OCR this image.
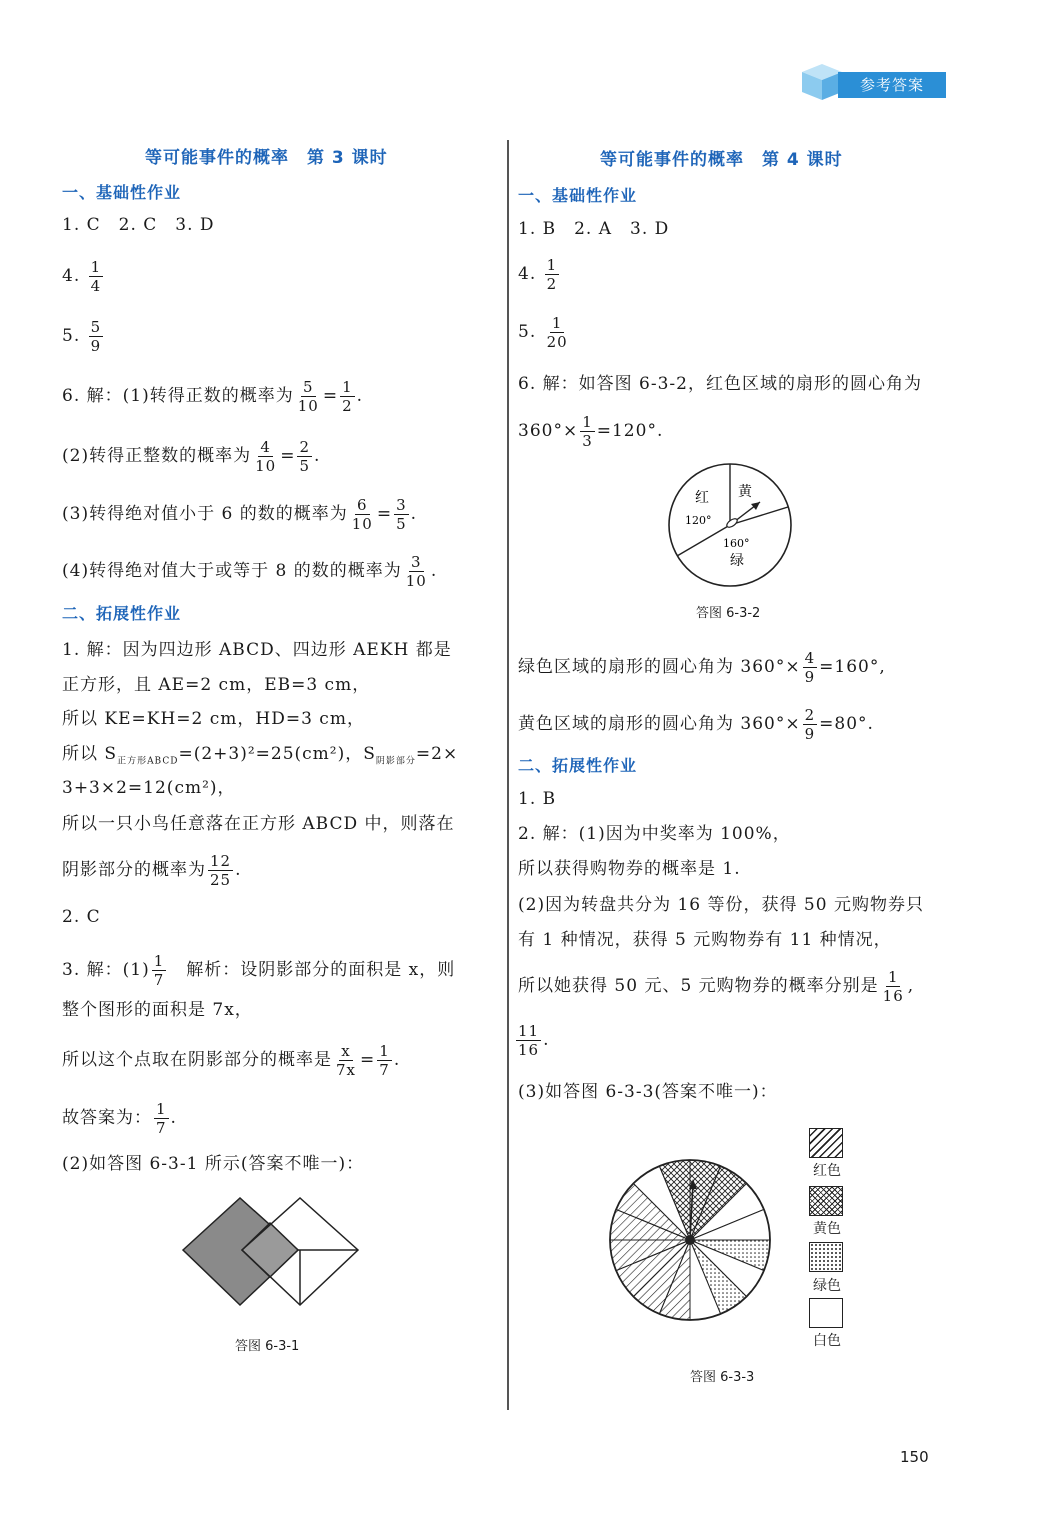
参考答案
等可能事件的概率　第 3 课时
一、基础性作业
1. C　2. C　3. D
4. $\frac{1}{4}$
5. $\frac{5}{9}$
6. 解：(1)转得正数的概率为 $\frac{5}{10} = \frac{1}{2}$ .
(2)转得正整数的概率为 $\frac{4}{10} = \frac{2}{5}$ .
(3)转得绝对值小于 6 的数的概率为 $\frac{6}{10} = \frac{3}{5}$ .
(4)转得绝对值大于或等于 8 的数的概率为 $\frac{3}{10}$ .
二、拓展性作业
1. 解：因为四边形 ABCD、四边形 AEKH 都是
正方形，且 AE=2 cm，EB=3 cm，
所以 KE=KH=2 cm，HD=3 cm，
所以 $S_{正方形ABCD}=(2+3)^2=25(cm^2)$，$S_{阴影部分}=2\times$
3+3×2=12(cm²)，
所以一只小鸟任意落在正方形 ABCD 中，则落在
阴影部分的概率为 $\frac{12}{25}$ .
2. C
3. 解：$(1) \frac{1}{7}$ 　解析：设阴影部分的面积是 x，则
整个图形的面积是 7x，
所以这个点取在阴影部分的概率是 $\frac{x}{7x} = \frac{1}{7}$ .
故答案为： $\frac{1}{7}$ .
(2)如答图 6-3-1 所示(答案不唯一)：
答图 6-3-1
等可能事件的概率　第 4 课时
一、基础性作业
1. B　2. A　3. D
4. $\frac{1}{2}$
5. $\frac{1}{20}$
6. 解：如答图 6-3-2，红色区域的扇形的圆心角为
$360^\circ\times \frac{1}{3} =120^\circ$.
红
120°
黄
160°
绿
答图 6-3-2
绿色区域的扇形的圆心角为 $360^\circ\times \frac{4}{9} =160^\circ$,
黄色区域的扇形的圆心角为 $360^\circ\times \frac{2}{9} =80^\circ$.
二、拓展性作业
1. B
2. 解：(1)因为中奖率为 100%，
所以获得购物券的概率是 1.
(2)因为转盘共分为 16 等份，获得 50 元购物券只
有 1 种情况，获得 5 元购物券有 11 种情况，
所以她获得 50 元、5 元购物券的概率分别是 $\frac{1}{16}$ ,
$\frac{11}{16}$ .
(3)如答图 6-3-3(答案不唯一)：
红色
黄色
绿色
白色
答图 6-3-3
150
